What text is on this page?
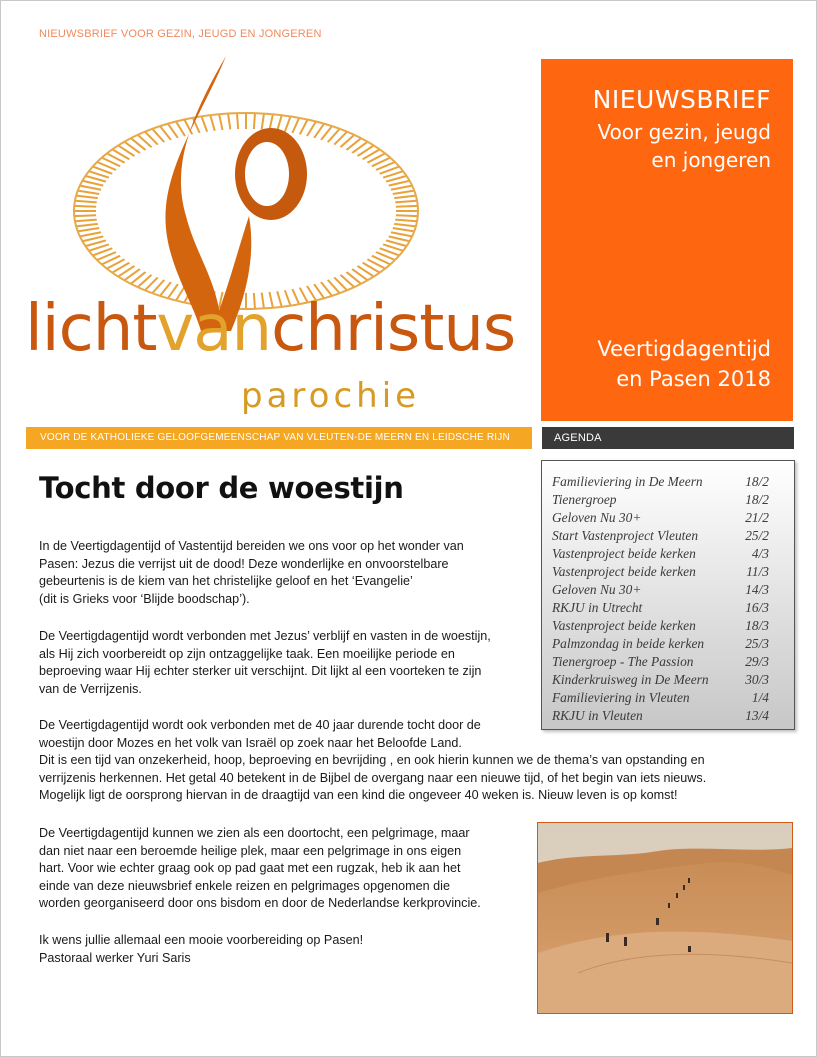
NIEUWSBRIEF VOOR GEZIN, JEUGD EN JONGEREN
lichtvanchristus
parochie
NIEUWSBRIEF
Voor gezin, jeugd
en jongeren
Veertigdagentijd
en Pasen 2018
VOOR DE KATHOLIEKE GELOOFGEMEENSCHAP VAN VLEUTEN-DE MEERN EN LEIDSCHE RIJN	AGENDA
Tocht door de woestijn
In de Veertigdagentijd of Vastentijd bereiden we ons voor op het wonder van
Pasen: Jezus die verrijst uit de dood! Deze wonderlijke en onvoorstelbare
gebeurtenis is de kiem van het christelijke geloof en het ‘Evangelie’
(dit is Grieks voor ‘Blijde boodschap’).
De Veertigdagentijd wordt verbonden met Jezus’ verblijf en vasten in de woestijn,
als Hij zich voorbereidt op zijn ontzaggelijke taak. Een moeilijke periode en
beproeving waar Hij echter sterker uit verschijnt. Dit lijkt al een voorteken te zijn
van de Verrijzenis.
De Veertigdagentijd wordt ook verbonden met de 40 jaar durende tocht door de
woestijn door Mozes en het volk van Israël op zoek naar het Beloofde Land.
Dit is een tijd van onzekerheid, hoop, beproeving en bevrijding , en ook hierin kunnen we de thema’s van opstanding en
verrijzenis herkennen. Het getal 40 betekent in de Bijbel de overgang naar een nieuwe tijd, of het begin van iets nieuws.
Mogelijk ligt de oorsprong hiervan in de draagtijd van een kind die ongeveer 40 weken is. Nieuw leven is op komst!
De Veertigdagentijd kunnen we zien als een doortocht, een pelgrimage, maar
dan niet naar een beroemde heilige plek, maar een pelgrimage in ons eigen
hart. Voor wie echter graag ook op pad gaat met een rugzak, heb ik aan het
einde van deze nieuwsbrief enkele reizen en pelgrimages opgenomen die
worden georganiseerd door ons bisdom en door de Nederlandse kerkprovincie.
Ik wens jullie allemaal een mooie voorbereiding op Pasen!
Pastoraal werker Yuri Saris
Familieviering in De Meern	18/2
Tienergroep	18/2
Geloven Nu 30+	21/2
Start Vastenproject Vleuten	25/2
Vastenproject beide kerken	4/3
Vastenproject beide kerken	11/3
Geloven Nu 30+	14/3
RKJU in Utrecht	16/3
Vastenproject beide kerken	18/3
Palmzondag in beide kerken	25/3
Tienergroep - The Passion	29/3
Kinderkruisweg in De Meern	30/3
Familieviering in Vleuten	1/4
RKJU in Vleuten	13/4
